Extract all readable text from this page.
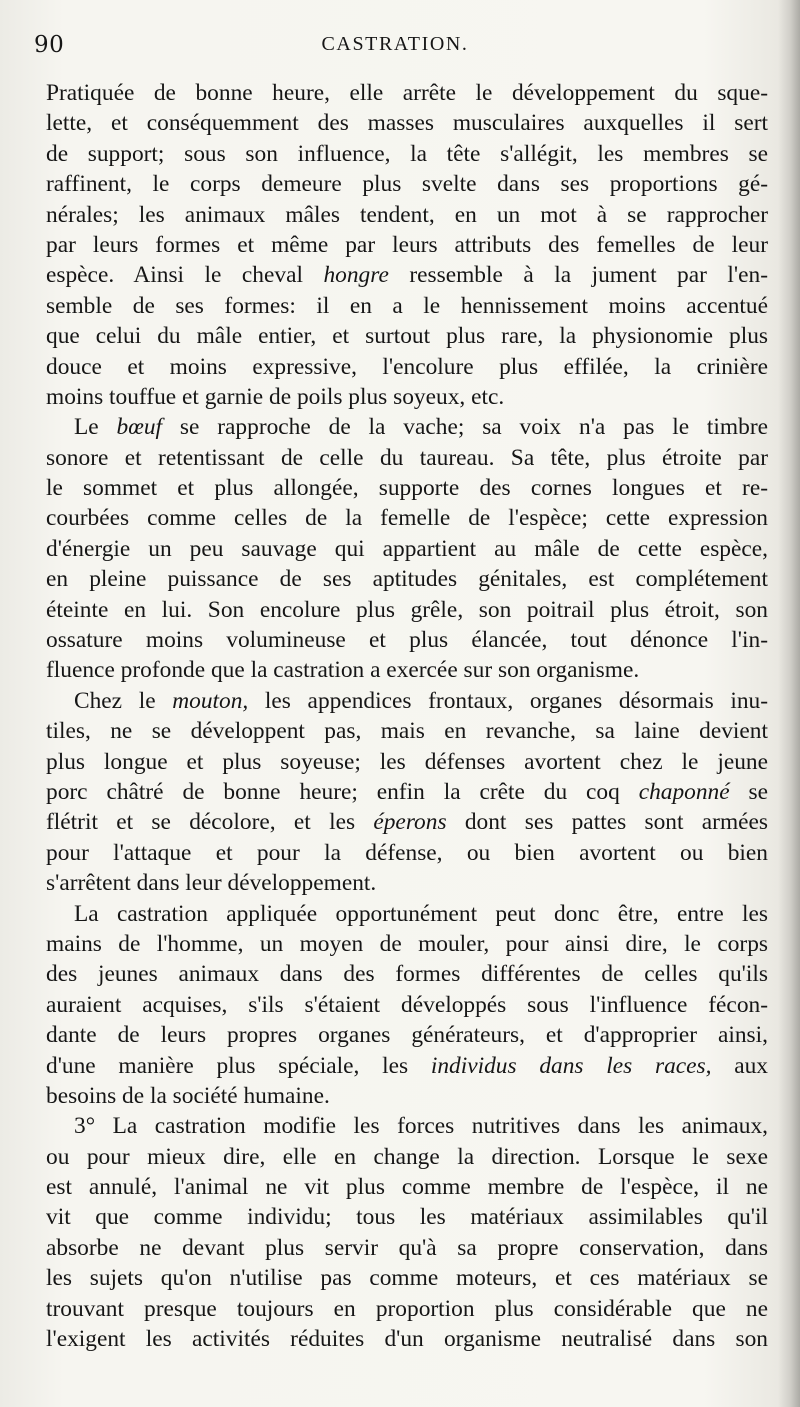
90	CASTRATION.
Pratiquée de bonne heure, elle arrête le développement du sque-
lette, et conséquemment des masses musculaires auxquelles il sert
de support; sous son influence, la tête s'allégit, les membres se
raffinent, le corps demeure plus svelte dans ses proportions gé-
nérales; les animaux mâles tendent, en un mot à se rapprocher
par leurs formes et même par leurs attributs des femelles de leur
espèce. Ainsi le cheval hongre ressemble à la jument par l'en-
semble de ses formes: il en a le hennissement moins accentué
que celui du mâle entier, et surtout plus rare, la physionomie plus
douce et moins expressive, l'encolure plus effilée, la crinière
moins touffue et garnie de poils plus soyeux, etc.
Le bœuf se rapproche de la vache; sa voix n'a pas le timbre
sonore et retentissant de celle du taureau. Sa tête, plus étroite par
le sommet et plus allongée, supporte des cornes longues et re-
courbées comme celles de la femelle de l'espèce; cette expression
d'énergie un peu sauvage qui appartient au mâle de cette espèce,
en pleine puissance de ses aptitudes génitales, est complétement
éteinte en lui. Son encolure plus grêle, son poitrail plus étroit, son
ossature moins volumineuse et plus élancée, tout dénonce l'in-
fluence profonde que la castration a exercée sur son organisme.
Chez le mouton, les appendices frontaux, organes désormais inu-
tiles, ne se développent pas, mais en revanche, sa laine devient
plus longue et plus soyeuse; les défenses avortent chez le jeune
porc châtré de bonne heure; enfin la crête du coq chaponné se
flétrit et se décolore, et les éperons dont ses pattes sont armées
pour l'attaque et pour la défense, ou bien avortent ou bien
s'arrêtent dans leur développement.
La castration appliquée opportunément peut donc être, entre les
mains de l'homme, un moyen de mouler, pour ainsi dire, le corps
des jeunes animaux dans des formes différentes de celles qu'ils
auraient acquises, s'ils s'étaient développés sous l'influence fécon-
dante de leurs propres organes générateurs, et d'approprier ainsi,
d'une manière plus spéciale, les individus dans les races, aux
besoins de la société humaine.
3° La castration modifie les forces nutritives dans les animaux,
ou pour mieux dire, elle en change la direction. Lorsque le sexe
est annulé, l'animal ne vit plus comme membre de l'espèce, il ne
vit que comme individu; tous les matériaux assimilables qu'il
absorbe ne devant plus servir qu'à sa propre conservation, dans
les sujets qu'on n'utilise pas comme moteurs, et ces matériaux se
trouvant presque toujours en proportion plus considérable que ne
l'exigent les activités réduites d'un organisme neutralisé dans son
